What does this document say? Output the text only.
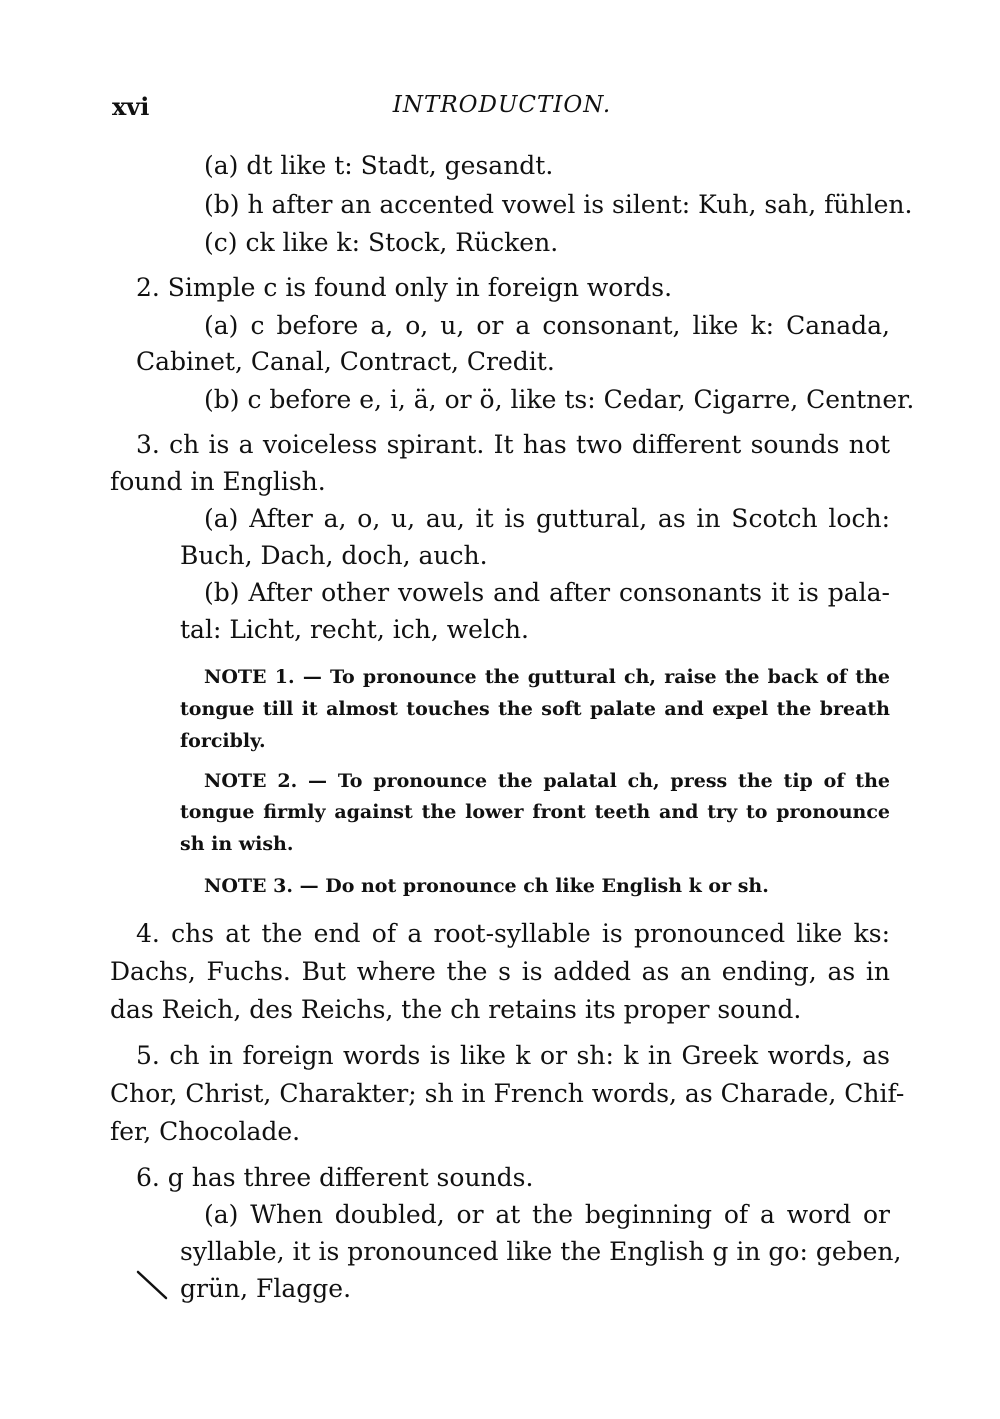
xvi	INTRODUCTION.
(a) dt like t: Stadt, gesandt.
(b) h after an accented vowel is silent: Kuh, sah, fühlen.
(c) ck like k: Stock, Rücken.
2. Simple c is found only in foreign words.
(a) c before a, o, u, or a consonant, like k: Canada,
Cabinet, Canal, Contract, Credit.
(b) c before e, i, ä, or ö, like ts: Cedar, Cigarre, Centner.
3. ch is a voiceless spirant. It has two different sounds not
found in English.
(a) After a, o, u, au, it is guttural, as in Scotch loch:
Buch, Dach, doch, auch.
(b) After other vowels and after consonants it is pala-
tal: Licht, recht, ich, welch.
NOTE 1. — To pronounce the guttural ch, raise the back of the
tongue till it almost touches the soft palate and expel the breath
forcibly.
NOTE 2. — To pronounce the palatal ch, press the tip of the
tongue firmly against the lower front teeth and try to pronounce
sh in wish.
NOTE 3. — Do not pronounce ch like English k or sh.
4. chs at the end of a root-syllable is pronounced like ks:
Dachs, Fuchs. But where the s is added as an ending, as in
das Reich, des Reichs, the ch retains its proper sound.
5. ch in foreign words is like k or sh: k in Greek words, as
Chor, Christ, Charakter; sh in French words, as Charade, Chif-
fer, Chocolade.
6. g has three different sounds.
(a) When doubled, or at the beginning of a word or
syllable, it is pronounced like the English g in go: geben,
grün, Flagge.
